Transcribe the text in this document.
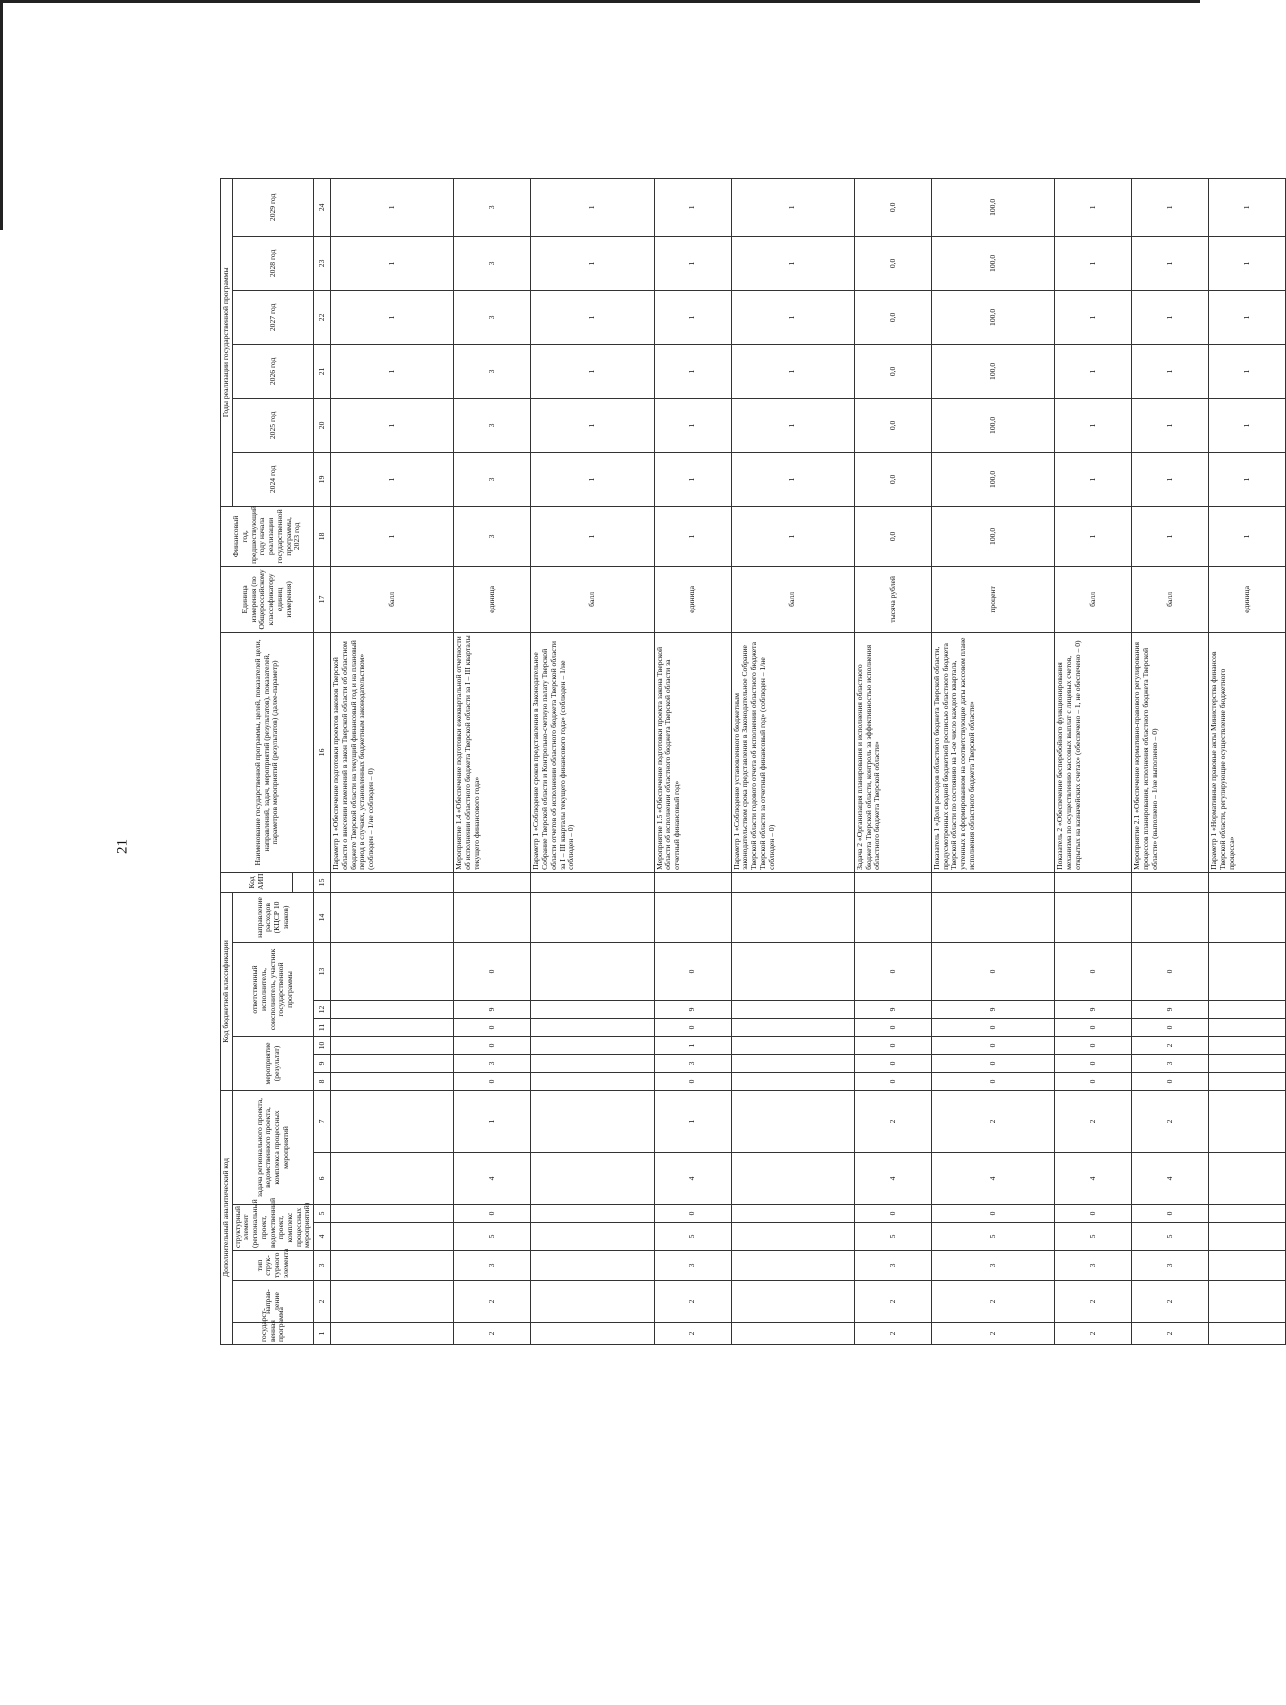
21
Дополнительный аналитический код							Код бюджетной классификации							Код АИП	Наименование государственной программы, целей, показателей цели, направлений, задач, мероприятий (результатов), показателей, параметров мероприятий (результатов) (далее-параметр)	Единица измерения (по Общероссийскому классификатору единиц измерения)	Финансовый год, предшествующий году начала реализации государственной программы, 2023 год	Годы реализации государственной программы					
государст-венная программа	направ-ление	тип струк-турного элемента	структурный элемент (региональный проект, ведомственный проект, комплекс процессных мероприятий)		задача регионального проекта, ведомственного проекта, комплекса процессных мероприятий		мероприятие (результат)			ответственный исполнитель, соисполнитель, участник государственной программы			направление расходов (КЦСР 10 знаков)					2024 год	2025 год	2026 год	2027 год	2028 год	2029 год

1	2	3	4	5	6	7	8	9	10	11	12	13	14	15	16	17	18	19	20	21	22	23	24
															Параметр 1 «Обеспечение подготовки проектов законов Тверской области о внесении изменений в закон Тверской области об областном бюджете Тверской области на текущий финансовый год и на плановый период в случаях, установленных бюджетным законодательством» (соблюден – 1/не соблюден – 0)	балл	1	1	1	1	1	1	1
2	2	3	5	0	4	1	0	3	0	0	9	0			Мероприятие 1.4 «Обеспечение подготовки ежеквартальной отчетности об исполнении областного бюджета Тверской области за I – III кварталы текущего финансового года»	единица	3	3	3	3	3	3	3
															Параметр 1 «Соблюдение сроков представления в Законодательное Собрание Тверской области и Контрольно-счетную палату Тверской области отчетов об исполнении областного бюджета Тверской области за I – III кварталы текущего финансового года» (соблюден – 1/не соблюден – 0)	балл	1	1	1	1	1	1	1
2	2	3	5	0	4	1	0	3	1	0	9	0			Мероприятие 1.5 «Обеспечение подготовки проекта закона Тверской области об исполнении областного бюджета Тверской области за отчетный финансовый год»	единица	1	1	1	1	1	1	1
															Параметр 1 «Соблюдение установленного бюджетным законодательством срока представления в Законодательное Собрание Тверской области годового отчета об исполнении областного бюджета Тверской области за отчетный финансовый год» (соблюден – 1/не соблюден – 0)	балл	1	1	1	1	1	1	1
2	2	3	5	0	4	2	0	0	0	0	9	0			Задача 2 «Организация планирования и исполнения областного бюджета Тверской области, контроль за эффективностью исполнения областного бюджета Тверской области»	тысяча рублей	0,0	0,0	0,0	0,0	0,0	0,0	0,0
2	2	3	5	0	4	2	0	0	0	0	9	0			Показатель 1 «Доля расходов областного бюджета Тверской области, предусмотренных сводной бюджетной росписью областного бюджета Тверской области по состоянию на 1-ое число каждого квартала, учтенных в сформированном на соответствующие даты кассовом плане исполнения областного бюджета Тверской области»	процент	100,0	100,0	100,0	100,0	100,0	100,0	100,0
2	2	3	5	0	4	2	0	0	0	0	9	0			Показатель 2 «Обеспечение бесперебойного функционирования механизма по осуществлению кассовых выплат с лицевых счетов, открытых на казначейских счетах» (обеспечено – 1, не обеспечено – 0)	балл	1	1	1	1	1	1	1
2	2	3	5	0	4	2	0	3	2	0	9	0			Мероприятие 2.1 «Обеспечение нормативно-правового регулирования процессов планирования, исполнения областного бюджета Тверской области» (выполнено – 1/не выполнено – 0)	балл	1	1	1	1	1	1	1
															Параметр 1 «Нормативные правовые акты Министерства финансов Тверской области, регулирующие осуществление бюджетного процесса»	единица	1	1	1	1	1	1	1
